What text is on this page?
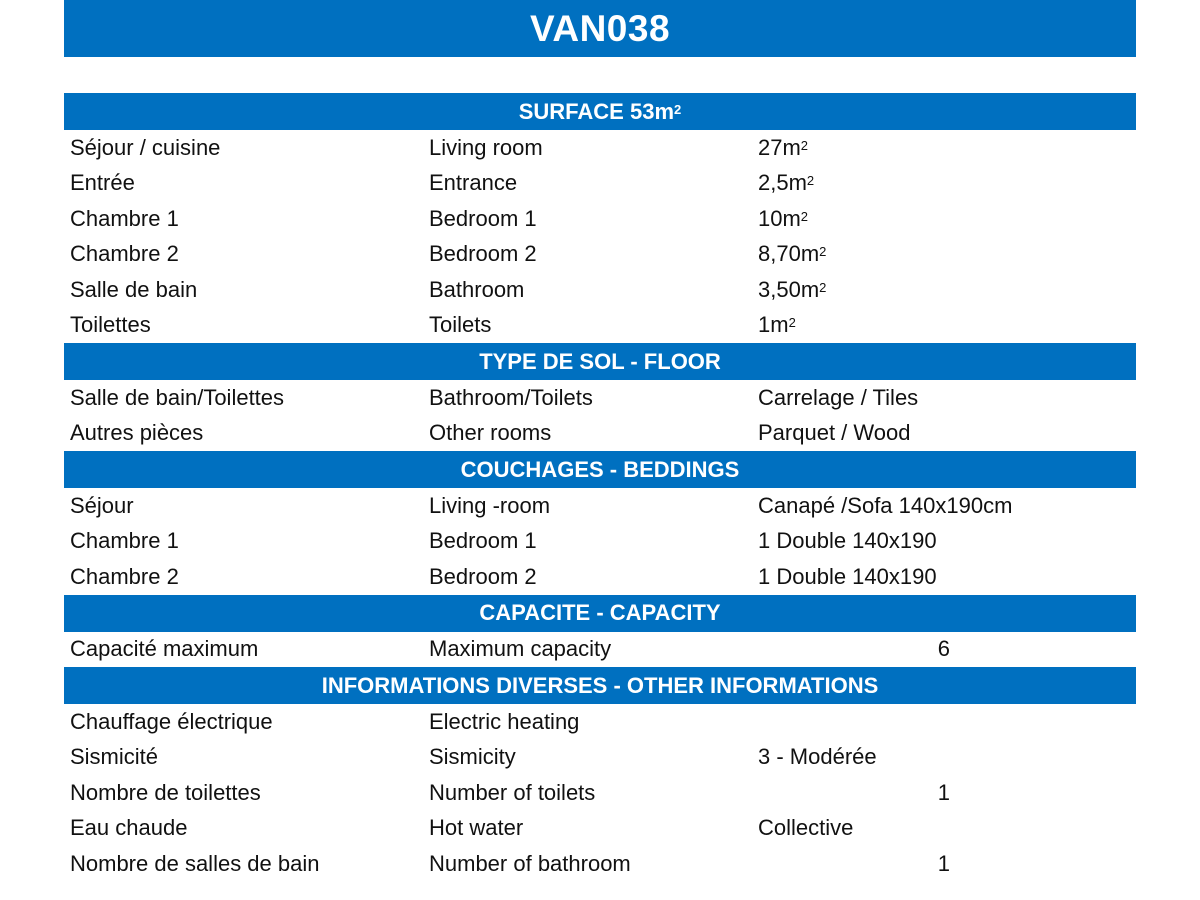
VAN038
SURFACE $53m^2$
Séjour / cuisine	Living room	$27m^2$
Entrée	Entrance	$2,5m^2$
Chambre 1	Bedroom 1	$10m^2$
Chambre 2	Bedroom 2	$8,70m^2$
Salle de bain	Bathroom	$3,50m^2$
Toilettes	Toilets	$1m^2$
TYPE DE SOL - FLOOR
Salle de bain/Toilettes	Bathroom/Toilets	Carrelage / Tiles
Autres pièces	Other rooms	Parquet / Wood
COUCHAGES - BEDDINGS
Séjour	Living -room	Canapé /Sofa 140x190cm
Chambre 1	Bedroom 1	1 Double 140x190
Chambre 2	Bedroom 2	1 Double 140x190
CAPACITE - CAPACITY
Capacité maximum	Maximum capacity	6
INFORMATIONS DIVERSES - OTHER INFORMATIONS
Chauffage électrique	Electric heating
Sismicité	Sismicity	3 - Modérée
Nombre de toilettes	Number of toilets	1
Eau chaude	Hot water	Collective
Nombre de salles de bain	Number of bathroom	1
